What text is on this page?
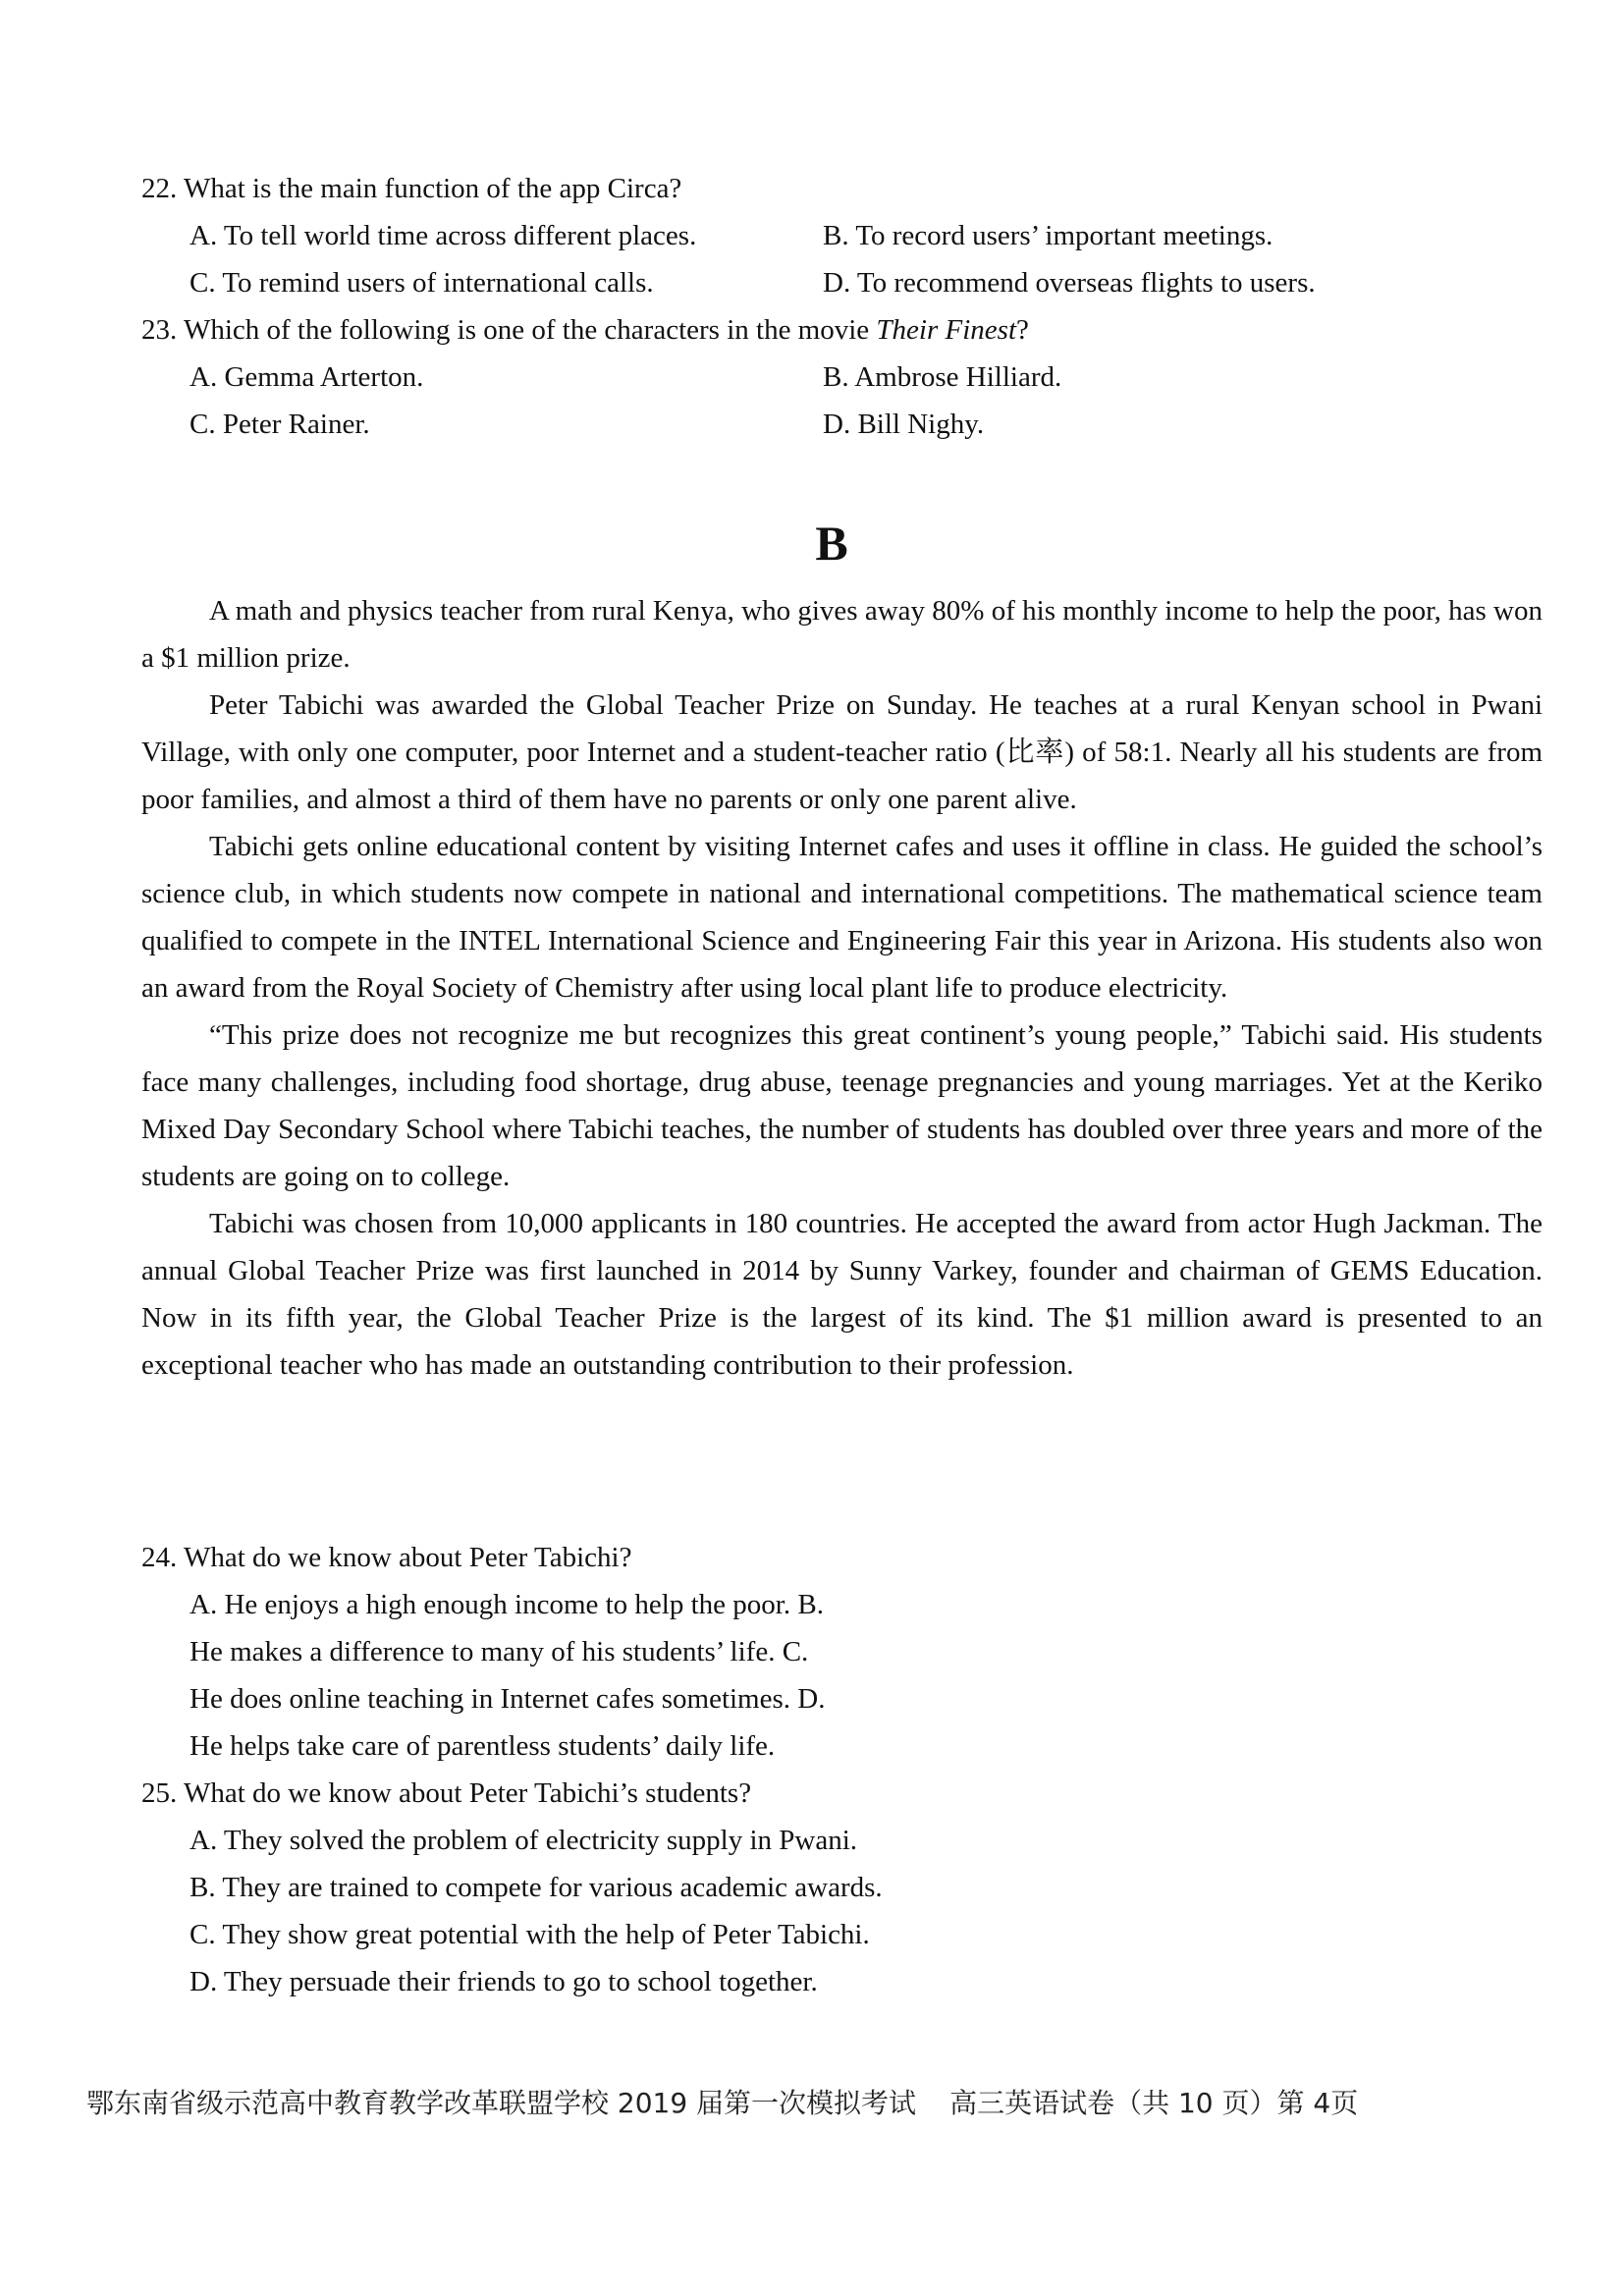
22. What is the main function of the app Circa?
A. To tell world time across different places.	B. To record users’ important meetings.
C. To remind users of international calls.	D. To recommend overseas flights to users.
23. Which of the following is one of the characters in the movie Their Finest?
A. Gemma Arterton.	B. Ambrose Hilliard.
C. Peter Rainer.	D. Bill Nighy.
B

A math and physics teacher from rural Kenya, who gives away 80% of his monthly income to help the poor, has won a $1 million prize.

Peter Tabichi was awarded the Global Teacher Prize on Sunday. He teaches at a rural Kenyan school in Pwani Village, with only one computer, poor Internet and a student-teacher ratio (比率) of 58:1. Nearly all his students are from poor families, and almost a third of them have no parents or only one parent alive.

Tabichi gets online educational content by visiting Internet cafes and uses it offline in class. He guided the school’s science club, in which students now compete in national and international competitions. The mathematical science team qualified to compete in the INTEL International Science and Engineering Fair this year in Arizona. His students also won an award from the Royal Society of Chemistry after using local plant life to produce electricity.

“This prize does not recognize me but recognizes this great continent’s young people,” Tabichi said. His students face many challenges, including food shortage, drug abuse, teenage pregnancies and young marriages. Yet at the Keriko Mixed Day Secondary School where Tabichi teaches, the number of students has doubled over three years and more of the students are going on to college.

Tabichi was chosen from 10,000 applicants in 180 countries. He accepted the award from actor Hugh Jackman. The annual Global Teacher Prize was first launched in 2014 by Sunny Varkey, founder and chairman of GEMS Education. Now in its fifth year, the Global Teacher Prize is the largest of its kind. The $1 million award is presented to an exceptional teacher who has made an outstanding contribution to their profession.

24. What do we know about Peter Tabichi?
A. He enjoys a high enough income to help the poor. B.
He makes a difference to many of his students’ life. C.
He does online teaching in Internet cafes sometimes. D.
He helps take care of parentless students’ daily life.
25. What do we know about Peter Tabichi’s students?
A. They solved the problem of electricity supply in Pwani.
B. They are trained to compete for various academic awards.
C. They show great potential with the help of Peter Tabichi.
D. They persuade their friends to go to school together.
鄂东南省级示范高中教育教学改革联盟学校 2019 届第一次模拟考试 高三英语试卷（共 10 页）第 4页
